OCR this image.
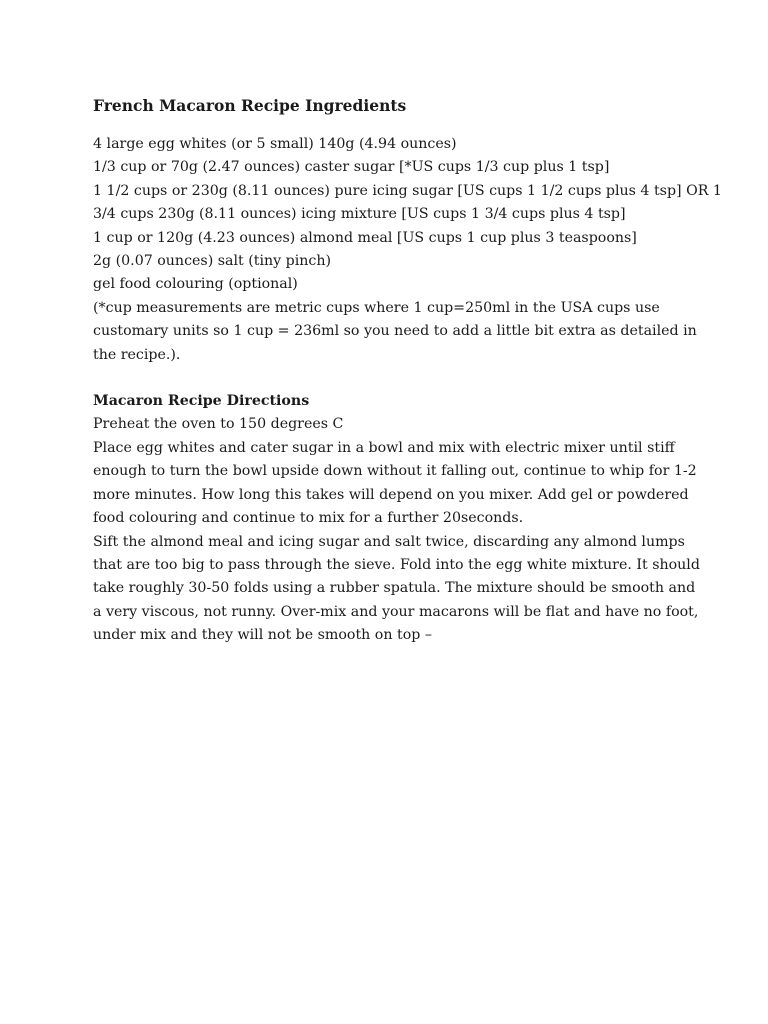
French Macaron Recipe Ingredients
4 large egg whites (or 5 small) 140g (4.94 ounces)
1/3 cup or 70g (2.47 ounces) caster sugar [*US cups 1/3 cup plus 1 tsp]
1 1/2 cups or 230g (8.11 ounces) pure icing sugar [US cups 1 1/2 cups plus 4 tsp] OR 1
3/4 cups 230g (8.11 ounces) icing mixture [US cups 1 3/4 cups plus 4 tsp]
1 cup or 120g (4.23 ounces) almond meal [US cups 1 cup plus 3 teaspoons]
2g (0.07 ounces) salt (tiny pinch)
gel food colouring (optional)
(*cup measurements are metric cups where 1 cup=250ml in the USA cups use
customary units so 1 cup = 236ml so you need to add a little bit extra as detailed in
the recipe.).
Macaron Recipe Directions
Preheat the oven to 150 degrees C
Place egg whites and cater sugar in a bowl and mix with electric mixer until stiff
enough to turn the bowl upside down without it falling out, continue to whip for 1-2
more minutes. How long this takes will depend on you mixer. Add gel or powdered
food colouring and continue to mix for a further 20seconds.
Sift the almond meal and icing sugar and salt twice, discarding any almond lumps
that are too big to pass through the sieve. Fold into the egg white mixture. It should
take roughly 30-50 folds using a rubber spatula. The mixture should be smooth and
a very viscous, not runny. Over-mix and your macarons will be flat and have no foot,
under mix and they will not be smooth on top –
